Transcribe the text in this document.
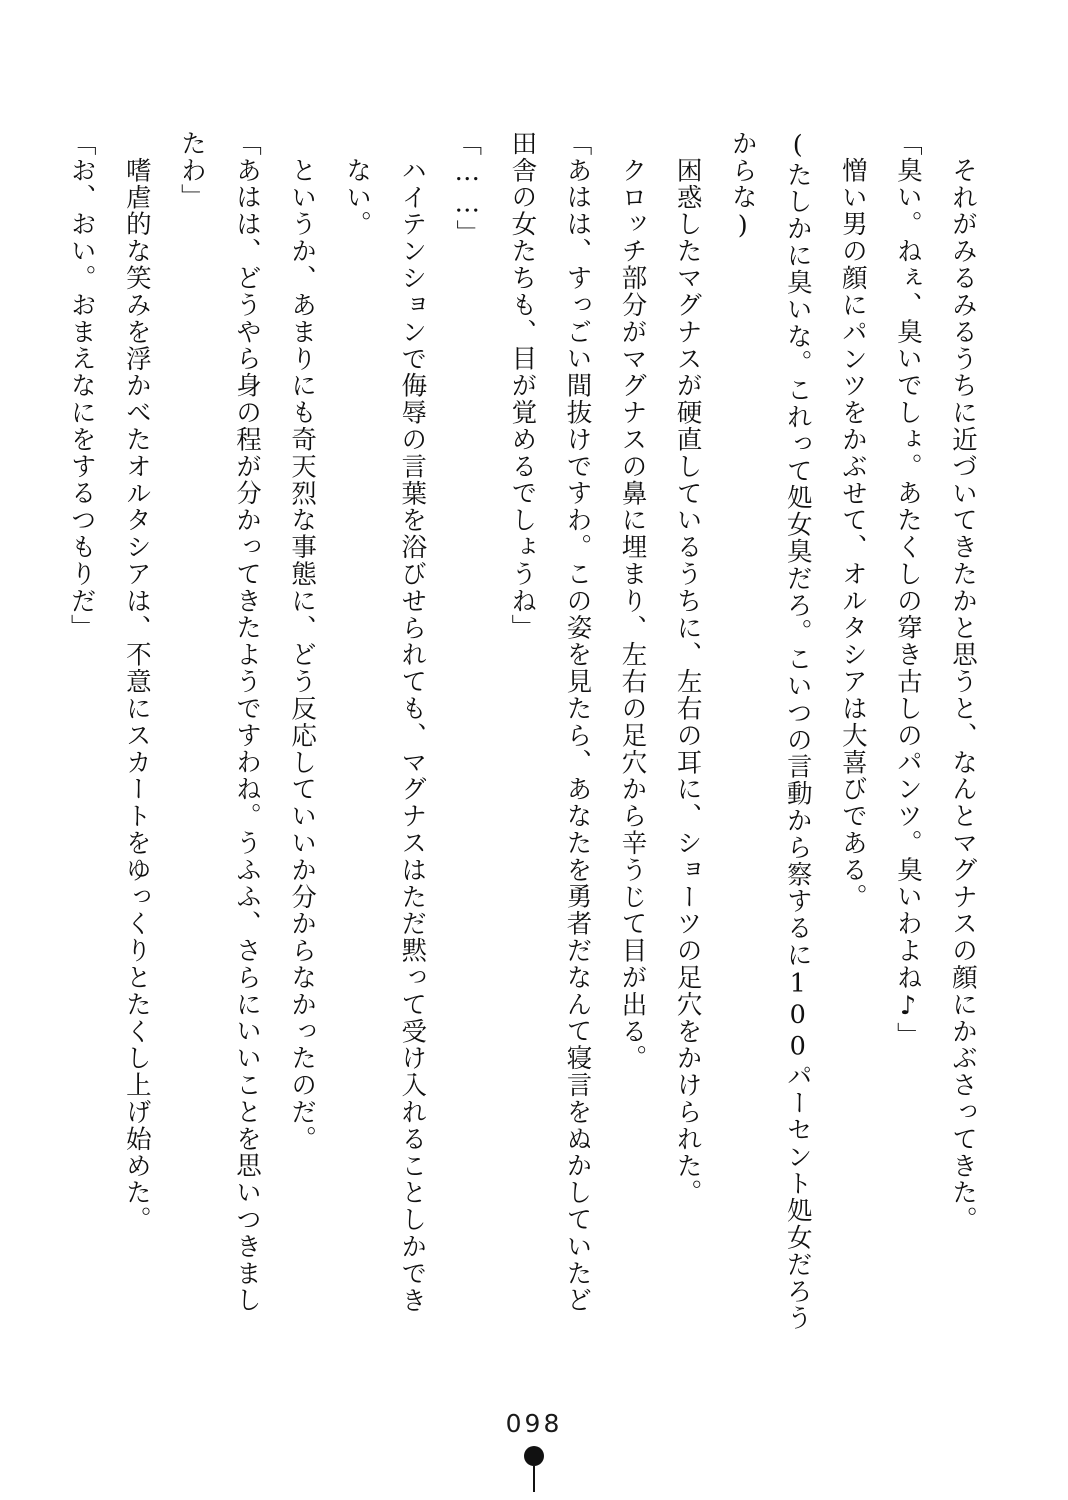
それがみるみるうちに近づいてきたかと思うと、なんとマグナスの顔にかぶさってきた。

「臭い。ねぇ、臭いでしょ。あたくしの穿き古しのパンツ。臭いわよね♪」

憎い男の顔にパンツをかぶせて、オルタシアは大喜びである。

(たしかに臭いな。これって処女臭だろ。こいつの言動から察するに100パーセント処女だろうからな)

困惑したマグナスが硬直しているうちに、左右の耳に、ショーツの足穴をかけられた。

クロッチ部分がマグナスの鼻に埋まり、左右の足穴から辛うじて目が出る。

「あはは、すっごい間抜けですわ。この姿を見たら、あなたを勇者だなんて寝言をぬかしていたど田舎の女たちも、目が覚めるでしょうね」

「……」

ハイテンションで侮辱の言葉を浴びせられても、マグナスはただ黙って受け入れることしかできない。

というか、あまりにも奇天烈な事態に、どう反応していいか分からなかったのだ。

「あはは、どうやら身の程が分かってきたようですわね。うふふ、さらにいいことを思いつきましたわ」

嗜虐的な笑みを浮かべたオルタシアは、不意にスカートをゆっくりとたくし上げ始めた。

「お、おい。おまえなにをするつもりだ」

098
